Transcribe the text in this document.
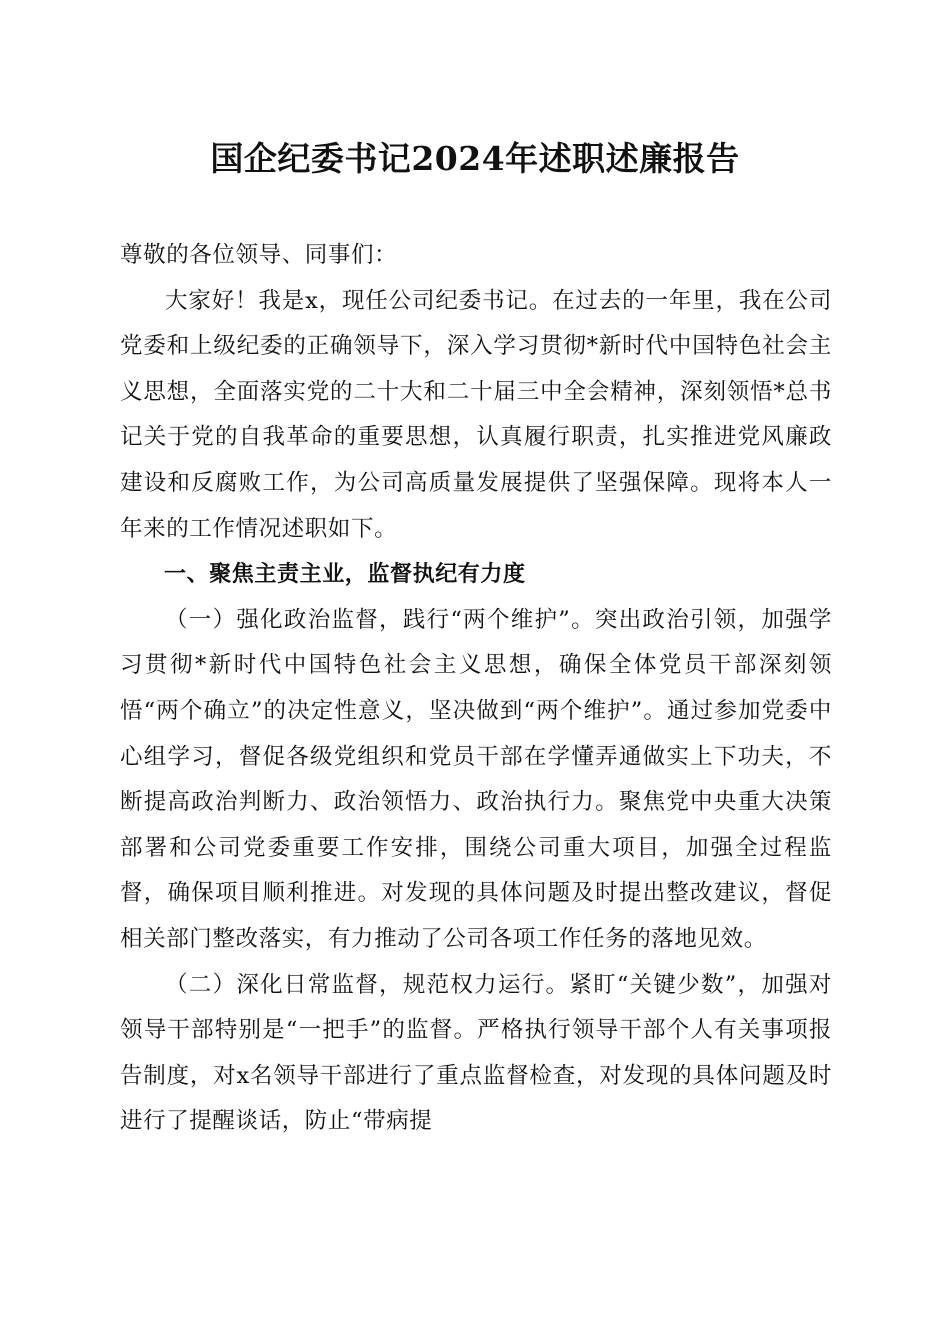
国企纪委书记2024年述职述廉报告

尊敬的各位领导、同事们：

大家好！我是x，现任公司纪委书记。在过去的一年里，我在公司党委和上级纪委的正确领导下，深入学习贯彻*新时代中国特色社会主义思想，全面落实党的二十大和二十届三中全会精神，深刻领悟*总书记关于党的自我革命的重要思想，认真履行职责，扎实推进党风廉政建设和反腐败工作，为公司高质量发展提供了坚强保障。现将本人一年来的工作情况述职如下。

一、聚焦主责主业，监督执纪有力度

（一）强化政治监督，践行“两个维护”。突出政治引领，加强学习贯彻*新时代中国特色社会主义思想，确保全体党员干部深刻领悟“两个确立”的决定性意义，坚决做到“两个维护”。通过参加党委中心组学习，督促各级党组织和党员干部在学懂弄通做实上下功夫，不断提高政治判断力、政治领悟力、政治执行力。聚焦党中央重大决策部署和公司党委重要工作安排，围绕公司重大项目，加强全过程监督，确保项目顺利推进。对发现的具体问题及时提出整改建议，督促相关部门整改落实，有力推动了公司各项工作任务的落地见效。

（二）深化日常监督，规范权力运行。紧盯“关键少数”，加强对领导干部特别是“一把手”的监督。严格执行领导干部个人有关事项报告制度，对x名领导干部进行了重点监督检查，对发现的具体问题及时进行了提醒谈话，防止“带病提
